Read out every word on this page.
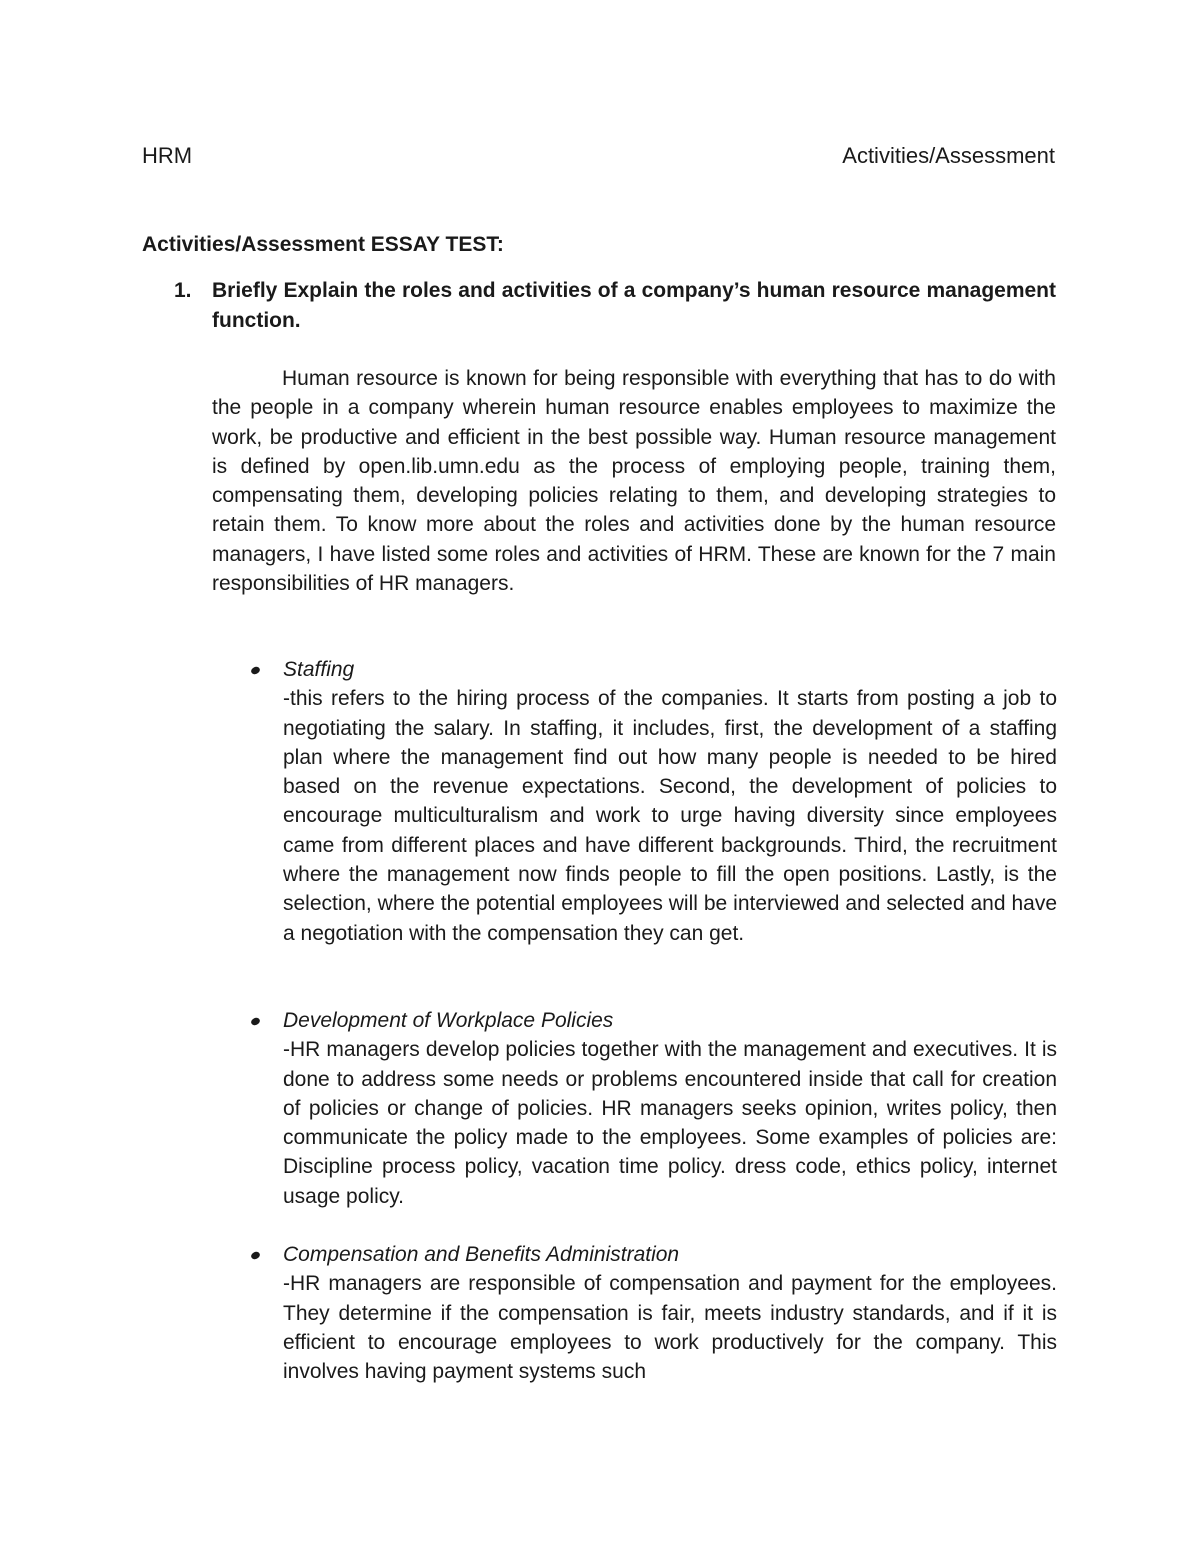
HRM	Activities/Assessment
Activities/Assessment ESSAY TEST:
1. Briefly Explain the roles and activities of a company’s human resource management function.
Human resource is known for being responsible with everything that has to do with the people in a company wherein human resource enables employees to maximize the work, be productive and efficient in the best possible way. Human resource management is defined by open.lib.umn.edu as the process of employing people, training them, compensating them, developing policies relating to them, and developing strategies to retain them. To know more about the roles and activities done by the human resource managers, I have listed some roles and activities of HRM. These are known for the 7 main responsibilities of HR managers.
Staffing
-this refers to the hiring process of the companies. It starts from posting a job to negotiating the salary. In staffing, it includes, first, the development of a staffing plan where the management find out how many people is needed to be hired based on the revenue expectations. Second, the development of policies to encourage multiculturalism and work to urge having diversity since employees came from different places and have different backgrounds. Third, the recruitment where the management now finds people to fill the open positions. Lastly, is the selection, where the potential employees will be interviewed and selected and have a negotiation with the compensation they can get.
Development of Workplace Policies
-HR managers develop policies together with the management and executives. It is done to address some needs or problems encountered inside that call for creation of policies or change of policies. HR managers seeks opinion, writes policy, then communicate the policy made to the employees. Some examples of policies are: Discipline process policy, vacation time policy. dress code, ethics policy, internet usage policy.
Compensation and Benefits Administration
-HR managers are responsible of compensation and payment for the employees. They determine if the compensation is fair, meets industry standards, and if it is efficient to encourage employees to work productively for the company. This involves having payment systems such
